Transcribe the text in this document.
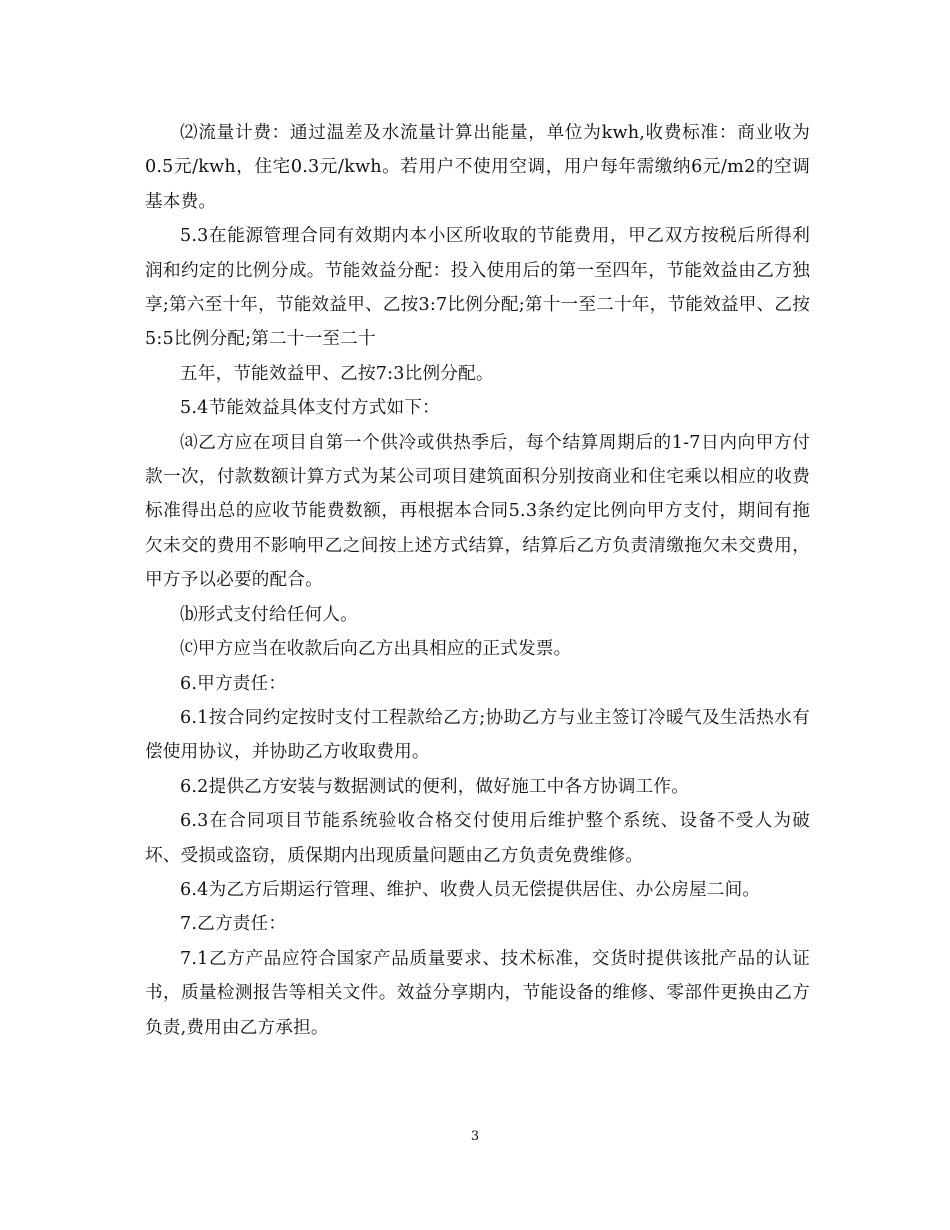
⑵流量计费：通过温差及水流量计算出能量，单位为kwh,收费标准：商业收为0.5元/kwh，住宅0.3元/kwh。若用户不使用空调，用户每年需缴纳6元/m2的空调基本费。

5.3在能源管理合同有效期内本小区所收取的节能费用，甲乙双方按税后所得利润和约定的比例分成。节能效益分配：投入使用后的第一至四年，节能效益由乙方独享;第六至十年，节能效益甲、乙按3:7比例分配;第十一至二十年，节能效益甲、乙按5:5比例分配;第二十一至二十

五年，节能效益甲、乙按7:3比例分配。

5.4节能效益具体支付方式如下：

⒜乙方应在项目自第一个供冷或供热季后，每个结算周期后的1-7日内向甲方付款一次，付款数额计算方式为某公司项目建筑面积分别按商业和住宅乘以相应的收费标准得出总的应收节能费数额，再根据本合同5.3条约定比例向甲方支付，期间有拖欠未交的费用不影响甲乙之间按上述方式结算，结算后乙方负责清缴拖欠未交费用，甲方予以必要的配合。

⒝形式支付给任何人。

⒞甲方应当在收款后向乙方出具相应的正式发票。

6.甲方责任：

6.1按合同约定按时支付工程款给乙方;协助乙方与业主签订冷暖气及生活热水有偿使用协议，并协助乙方收取费用。

6.2提供乙方安装与数据测试的便利，做好施工中各方协调工作。

6.3在合同项目节能系统验收合格交付使用后维护整个系统、设备不受人为破坏、受损或盗窃，质保期内出现质量问题由乙方负责免费维修。

6.4为乙方后期运行管理、维护、收费人员无偿提供居住、办公房屋二间。

7.乙方责任：

7.1乙方产品应符合国家产品质量要求、技术标准，交货时提供该批产品的认证书，质量检测报告等相关文件。效益分享期内，节能设备的维修、零部件更换由乙方负责,费用由乙方承担。

3
